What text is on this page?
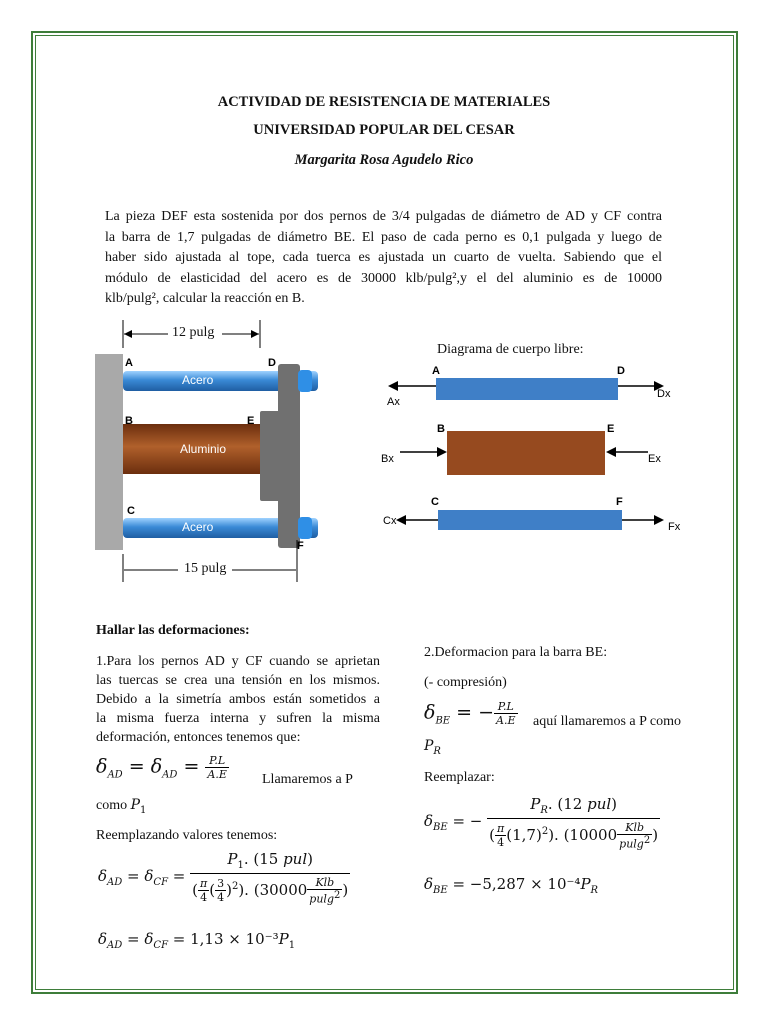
ACTIVIDAD DE RESISTENCIA DE MATERIALES
UNIVERSIDAD POPULAR DEL CESAR
Margarita Rosa Agudelo Rico
La pieza DEF esta sostenida por dos pernos de 3/4 pulgadas de diámetro de AD y CF contra
la barra de 1,7 pulgadas de diámetro BE. El paso de cada perno es 0,1 pulgada y luego de
haber sido ajustada al tope, cada tuerca es ajustada un cuarto de vuelta. Sabiendo que el
módulo de elasticidad del acero es de 30000 klb/pulg²,y el del aluminio es de 10000
klb/pulg², calcular la reacción en B.
12 pulg
15 pulg
A	D
B	E
C
F
Acero
Aluminio
Acero
Diagrama de cuerpo libre:
A	D
Ax
Dx
B	E
Bx	Ex
C	F
Cx	Fx
Hallar las deformaciones:
1.Para los pernos AD y CF cuando se aprietan
las tuercas se crea una tensión en los mismos.
Debido a la simetría ambos están sometidos a
la misma fuerza interna y sufren la misma
deformación, entonces tenemos que:
$\delta_{AD} = \delta_{AD} = \frac{P.L}{A.E}$ Llamaremos a P
como $P_1$
Reemplazando valores tenemos:
$\delta_{AD} = \delta_{CF} = \frac{P_1. (15 pul)}{( \frac{\pi}{4} ( \frac{3}{4} )^2). (30000 \frac{\text{Klb}}{pulg^2} )}$
$\delta_{AD} = \delta_{CF} = 1,13 \times 10^{-3}P_1$
2.Deformacion para la barra BE:
(- compresión)
$\delta_{BE}$ = − $\frac{P.L}{A.E}$ aquí llamaremos a P como
$P_R$
Reemplazar:
$\delta_{BE}$ = − $\frac{P_R. (12 pul)}{( \frac{\pi}{4} (1,7)^2). (10000 \frac{\text{Klb}}{pulg^2} )}$
$\delta_{BE} = -5,287 \times 10^{-4}P_R$
